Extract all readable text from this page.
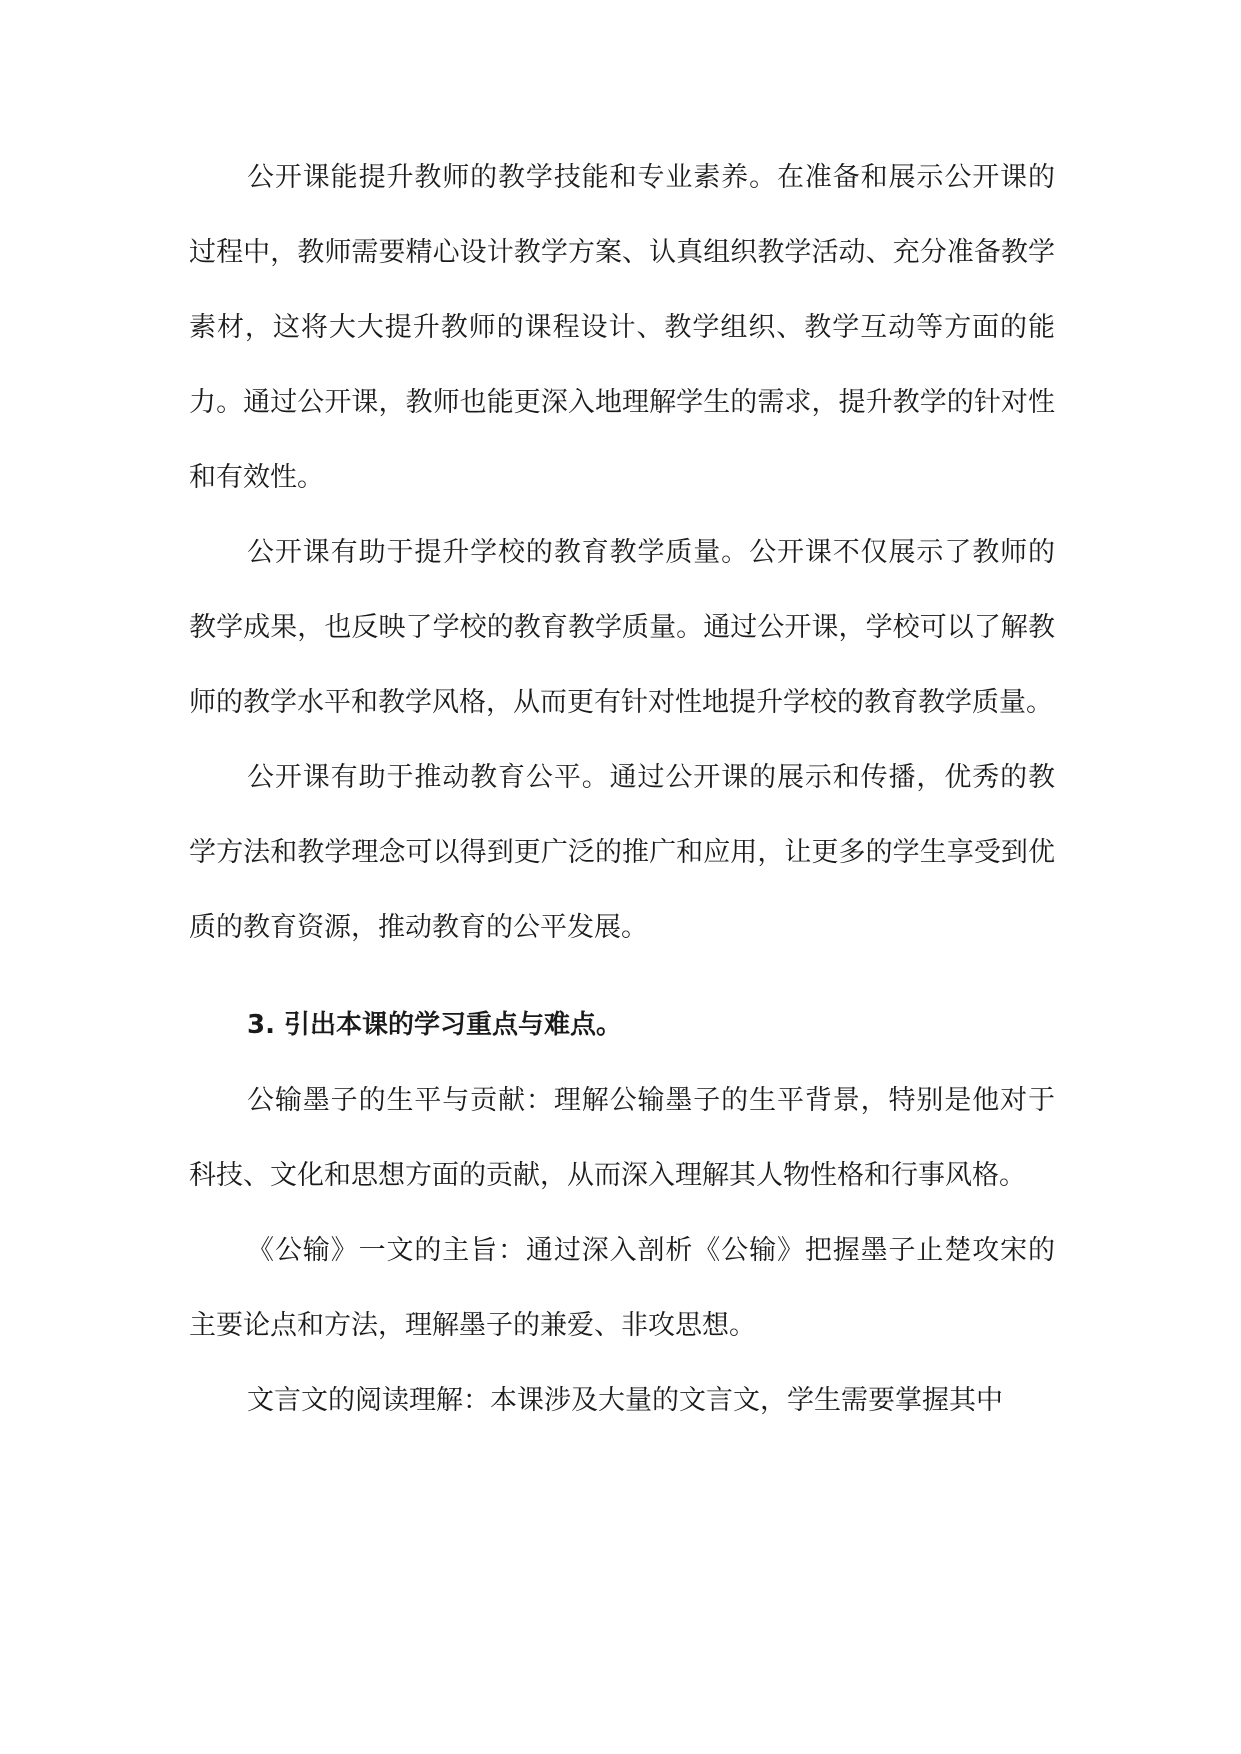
公开课能提升教师的教学技能和专业素养。在准备和展示公开课的过程中，教师需要精心设计教学方案、认真组织教学活动、充分准备教学素材，这将大大提升教师的课程设计、教学组织、教学互动等方面的能力。通过公开课，教师也能更深入地理解学生的需求，提升教学的针对性和有效性。

公开课有助于提升学校的教育教学质量。公开课不仅展示了教师的教学成果，也反映了学校的教育教学质量。通过公开课，学校可以了解教师的教学水平和教学风格，从而更有针对性地提升学校的教育教学质量。

公开课有助于推动教育公平。通过公开课的展示和传播，优秀的教学方法和教学理念可以得到更广泛的推广和应用，让更多的学生享受到优质的教育资源，推动教育的公平发展。

3. 引出本课的学习重点与难点。

公输墨子的生平与贡献：理解公输墨子的生平背景，特别是他对于科技、文化和思想方面的贡献，从而深入理解其人物性格和行事风格。

《公输》一文的主旨：通过深入剖析《公输》把握墨子止楚攻宋的主要论点和方法，理解墨子的兼爱、非攻思想。

文言文的阅读理解：本课涉及大量的文言文，学生需要掌握其中
